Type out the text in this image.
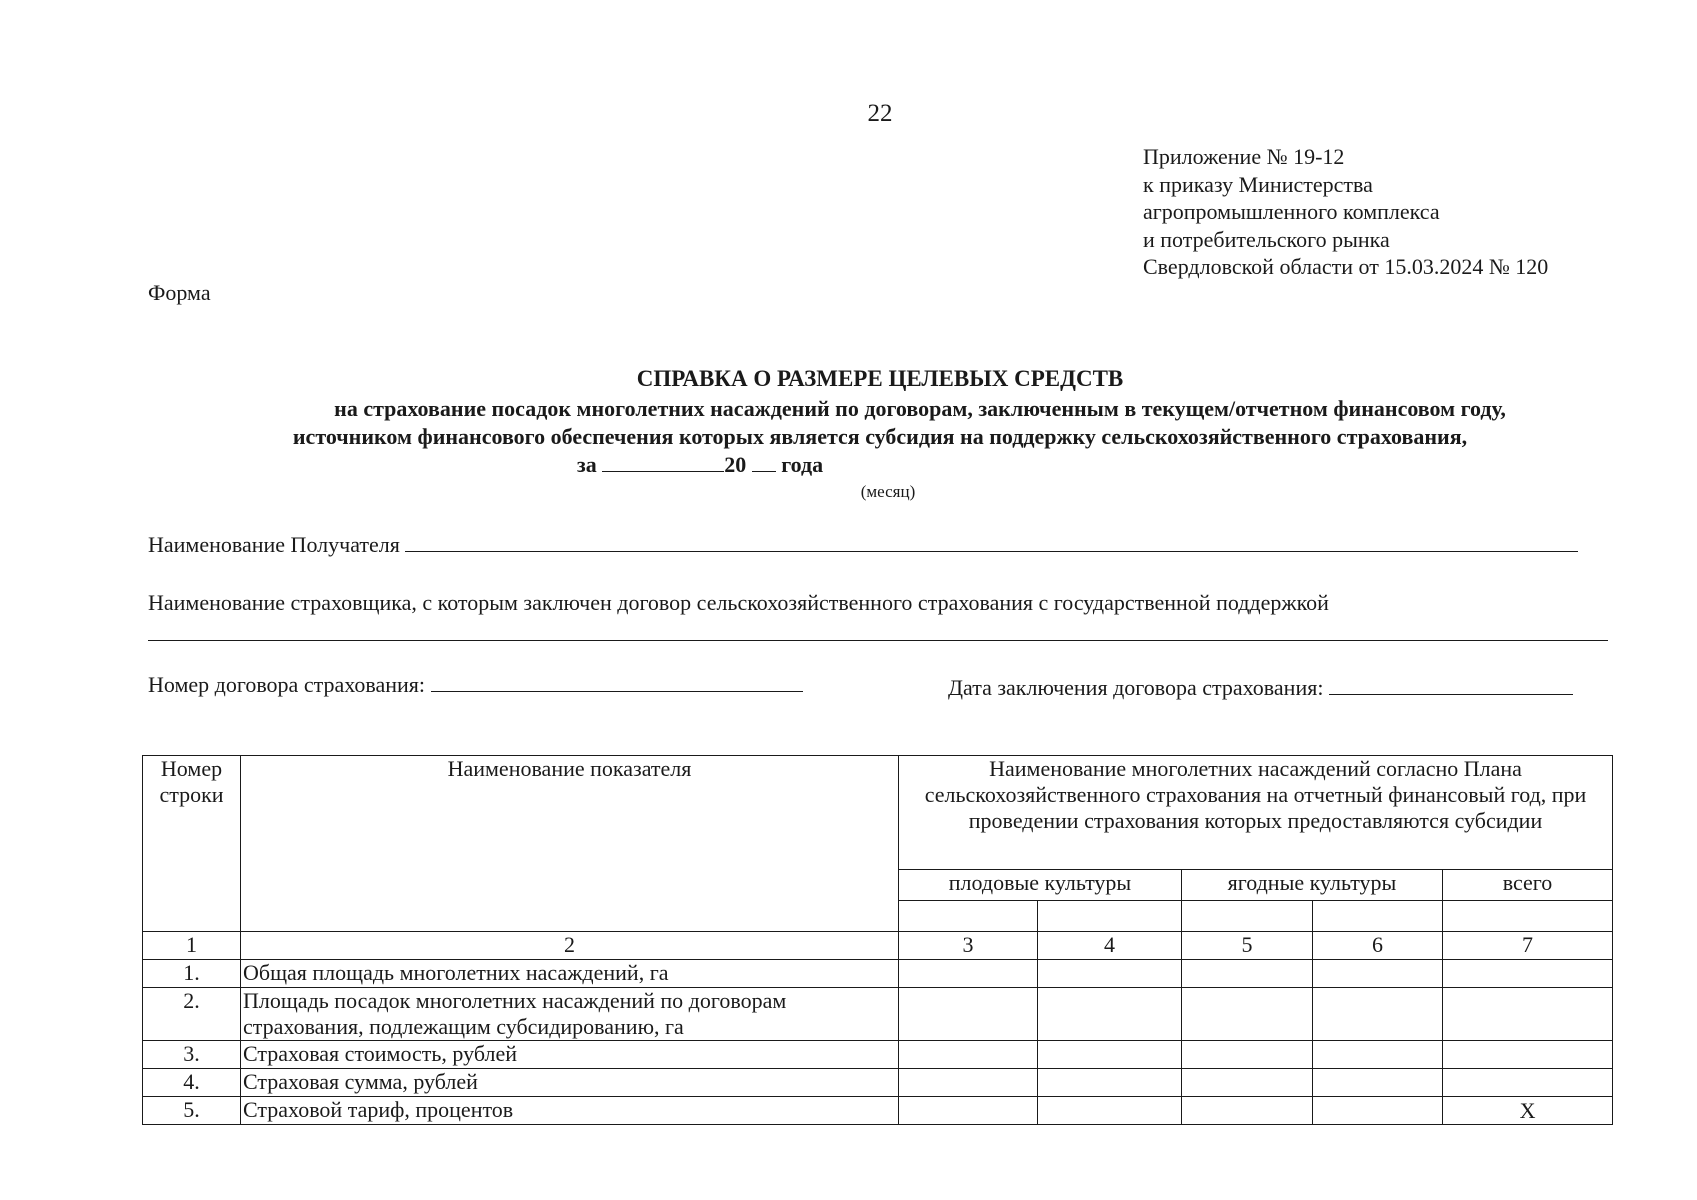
22
Приложение № 19-12
к приказу Министерства
агропромышленного комплекса
и потребительского рынка
Свердловской области от 15.03.2024 № 120
Форма
СПРАВКА О РАЗМЕРЕ ЦЕЛЕВЫХ СРЕДСТВ
на страхование посадок многолетних насаждений по договорам, заключенным в текущем/отчетном финансовом году,
источником финансового обеспечения которых является субсидия на поддержку сельскохозяйственного страхования,
за	20 года
(месяц)
Наименование Получателя
Наименование страховщика, с которым заключен договор сельскохозяйственного страхования с государственной поддержкой
Номер договора страхования:	Дата заключения договора страхования:
Номер строки	Наименование показателя	Наименование многолетних насаждений согласно Плана сельскохозяйственного страхования на отчетный финансовый год, при проведении страхования которых предоставляются субсидии				
		плодовые культуры		ягодные культуры		всего

1	2	3	4	5	6	7
1.	Общая площадь многолетних насаждений, га					
2.	Площадь посадок многолетних насаждений по договорам страхования, подлежащим субсидированию, га					
3.	Страховая стоимость, рублей					
4.	Страховая сумма, рублей					
5.	Страховой тариф, процентов					Х
